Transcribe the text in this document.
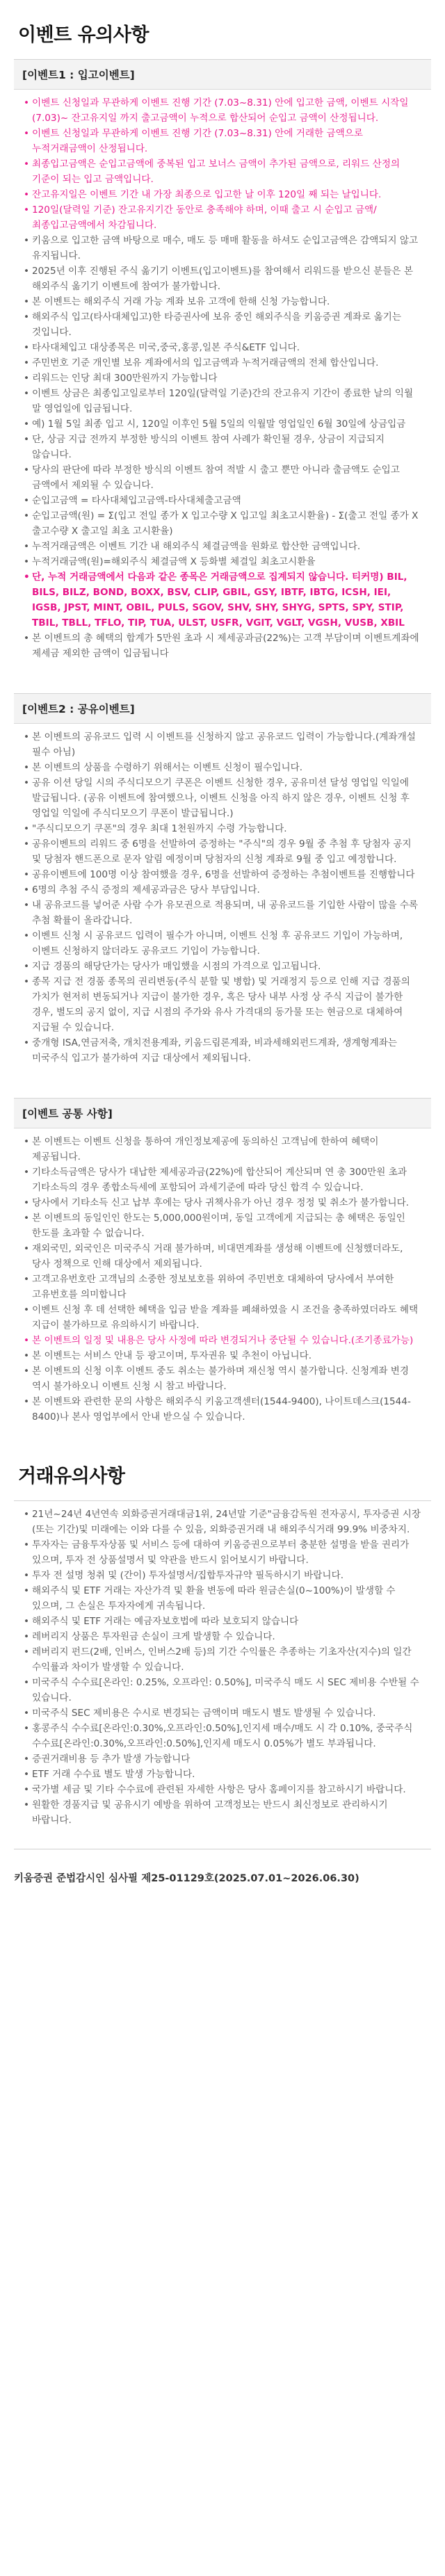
이벤트 유의사항
[이벤트1 : 입고이벤트]
• 이벤트 신청일과 무관하게 이벤트 진행 기간 (7.03~8.31) 안에 입고한 금액, 이벤트 시작일(7.03)~ 잔고유지일 까지 출고금액이 누적으로 합산되어 순입고 금액이 산정됩니다.
• 이벤트 신청일과 무관하게 이벤트 진행 기간 (7.03~8.31) 안에 거래한 금액으로 누적거래금액이 산정됩니다.
• 최종입고금액은 순입고금액에 중복된 입고 보너스 금액이 추가된 금액으로, 리워드 산정의 기준이 되는 입고 금액입니다.
• 잔고유지일은 이벤트 기간 내 가장 최종으로 입고한 날 이후 120일 째 되는 날입니다.
• 120일(달력일 기준) 잔고유지기간 동안로 충족해야 하며, 이때 출고 시 순입고 금액/최종입고금액에서 차감됩니다.
• 키움으로 입고한 금액 바탕으로 매수, 매도 등 매매 활동을 하셔도 순입고금액은 감액되지 않고 유지됩니다.
• 2025년 이후 진행된 주식 옮기기 이벤트(입고이벤트)를 참여해서 리워드를 받으신 분들은 본 해외주식 옮기기 이벤트에 참여가 불가합니다.
• 본 이벤트는 해외주식 거래 가능 계좌 보유 고객에 한해 신청 가능합니다.
• 해외주식 입고(타사대체입고)한 타증권사에 보유 중인 해외주식을 키움증권 계좌로 옮기는 것입니다.
• 타사대체입고 대상종목은 미국,중국,홍콩,일본 주식&ETF 입니다.
• 주민번호 기준 개인별 보유 계좌에서의 입고금액과 누적거래금액의 전체 합산입니다.
• 리워드는 인당 최대 300만원까지 가능합니다
• 이벤트 상금은 최종입고일로부터 120일(달력일 기준)간의 잔고유지 기간이 종료한 날의 익월 말 영업일에 입금됩니다.
• 예) 1월 5일 최종 입고 시, 120일 이후인 5월 5일의 익월말 영업일인 6월 30일에 상금입금
• 단, 상금 지급 전까지 부정한 방식의 이벤트 참여 사례가 확인될 경우, 상금이 지급되지 않습니다.
• 당사의 판단에 따라 부정한 방식의 이벤트 참여 적발 시 출고 뿐만 아니라 출금액도 순입고 금액에서 제외될 수 있습니다.
• 순입고금액 = 타사대체입고금액-타사대체출고금액
• 순입고금액(원) = Σ(입고 전일 종가 X 입고수량 X 입고일 최초고시환율) - Σ(출고 전일 종가 X 출고수량 X 출고일 최초 고시환율)
• 누적거래금액은 이벤트 기간 내 해외주식 체결금액을 원화로 합산한 금액입니다.
• 누적거래금액(원)=해외주식 체결금액 X 등화별 체결일 최초고시환율
• 단, 누적 거래금액에서 다음과 같은 종목은 거래금액으로 집계되지 않습니다. 티커명) BIL, BILS, BILZ, BOND, BOXX, BSV, CLIP, GBIL, GSY, IBTF, IBTG, ICSH, IEI, IGSB, JPST, MINT, OBIL, PULS, SGOV, SHV, SHY, SHYG, SPTS, SPY, STIP, TBIL, TBLL, TFLO, TIP, TUA, ULST, USFR, VGIT, VGLT, VGSH, VUSB, XBIL
• 본 이벤트의 총 혜택의 합계가 5만원 초과 시 제세공과금(22%)는 고객 부담이며 이벤트계좌에 제세금 제외한 금액이 입금됩니다
[이벤트2 : 공유이벤트]
• 본 이벤트의 공유코드 입력 시 이벤트를 신청하지 않고 공유코드 입력이 가능합니다.(계좌개설 필수 아님)
• 본 이벤트의 상품을 수령하기 위해서는 이벤트 신청이 필수입니다.
• 공유 이션 당일 시의 주식디모으기 쿠폰은 이벤트 신청한 경우, 공유미션 달성 영업일 익일에 발급됩니다. (공유 이벤트에 참여했으나, 이벤트 신청을 아직 하지 않은 경우, 이벤트 신청 후 영업일 익일에 주식디모으기 쿠폰이 발급됩니다.)
• "주식디모으기 쿠폰"의 경우 최대 1천원까지 수령 가능합니다.
• 공유이벤트의 리워드 중 6명을 선발하여 증정하는 "주식"의 경우 9월 중 추첨 후 당첨자 공지 및 당첨자 핸드폰으로 문자 알림 예정이며 당첨자의 신청 계좌로 9월 중 입고 예정합니다.
• 공유이벤트에 100명 이상 참여했을 경우, 6명을 선발하여 증정하는 추첨이벤트를 진행합니다
• 6명의 추첨 주식 증정의 제세공과금은 당사 부담입니다.
• 내 공유코드를 넣어준 사람 수가 유모권으로 적용되며, 내 공유코드를 기입한 사람이 많을 수록 추첨 확률이 올라갑니다.
• 이벤트 신청 시 공유코드 입력이 필수가 아니며, 이벤트 신청 후 공유코드 기입이 가능하며, 이벤트 신청하지 않더라도 공유코드 기입이 가능합니다.
• 지급 경품의 해당단가는 당사가 매입했을 시점의 가격으로 입고됩니다.
• 종목 지급 전 경품 종목의 권리변동(주식 분할 및 병합) 및 거래정지 등으로 인해 지급 경품의 가치가 현저히 변동되거나 지급이 불가한 경우, 혹은 당사 내부 사정 상 주식 지급이 불가한 경우, 별도의 공지 없이, 지급 시점의 주가와 유사 가격대의 동가물 또는 현금으로 대체하여 지급될 수 있습니다.
• 중개형 ISA,연금저축, 개치전용계좌, 키움드림론계좌, 비과세해외펀드계좌, 생계형계좌는 미국주식 입고가 불가하여 지급 대상에서 제외됩니다.
[이벤트 공통 사항]
• 본 이벤트는 이벤트 신청을 통하여 개인정보제공에 동의하신 고객님에 한하여 혜택이 제공됩니다.
• 기타소득금액은 당사가 대납한 제세공과금(22%)에 합산되어 계산되며 연 총 300만원 초과 기타소득의 경우 종합소득세에 포함되어 과세기준에 따라 당신 합격 수 있습니다.
• 당사에서 기타소득 신고 납부 후에는 당사 귀책사유가 아닌 경우 정정 및 취소가 불가합니다.
• 본 이벤트의 동일인인 한도는 5,000,000원이며, 동일 고객에게 지급되는 총 혜택은 동일인 한도를 초과할 수 없습니다.
• 재외국민, 외국인은 미국주식 거래 불가하며, 비대면계좌를 생성해 이벤트에 신청했더라도, 당사 정책으로 인해 대상에서 제외됩니다.
• 고객고유번호란 고객님의 소중한 정보보호를 위하여 주민번호 대체하여 당사에서 부여한 고유번호를 의미합니다
• 이벤트 신청 후 데 선택한 혜택을 입금 받을 계좌를 폐쇄하였을 시 조건을 충족하였더라도 혜택 지급이 불가하므로 유의하시기 바랍니다.
• 본 이벤트의 일정 및 내용은 당사 사정에 따라 변경되거나 중단될 수 있습니다.(조기종료가능)
• 본 이벤트는 서비스 안내 등 광고이며, 투자권유 및 추천이 아닙니다.
• 본 이벤트의 신청 이후 이벤트 중도 취소는 불가하며 재신청 역시 불가합니다. 신청계좌 변경 역시 불가하오니 이벤트 신청 시 참고 바랍니다.
• 본 이벤트와 관련한 문의 사항은 해외주식 키움고객센터(1544-9400), 나이트데스크(1544-8400)나 본사 영업부에서 안내 받으실 수 있습니다.
거래유의사항
• 21년~24년 4년연속 외화증권거래대금1위, 24년말 기준"금융감독원 전자공시, 투자증권 시장(또는 기간)및 미래에는 이와 다를 수 있음, 외화증권거래 내 해외주식거래 99.9% 비중차지.
• 투자자는 금융투자상품 및 서비스 등에 대하여 키움증권으로부터 충분한 설명을 받을 권리가 있으며, 투자 전 상품설명서 및 약관을 반드시 읽어보시기 바랍니다.
• 투자 전 설명 청취 및 (간이) 투자설명서/집합투자규약 필독하시기 바랍니다.
• 해외주식 및 ETF 거래는 자산가격 및 환율 변동에 따라 원금손실(0~100%)이 발생할 수 있으며, 그 손실은 투자자에게 귀속됩니다.
• 해외주식 및 ETF 거래는 예금자보호법에 따라 보호되지 않습니다
• 레버리지 상품은 투자원금 손실이 크게 발생할 수 있습니다.
• 레버리지 펀드(2배, 인버스, 인버스2배 등)의 기간 수익률은 추종하는 기초자산(지수)의 일간 수익률과 차이가 발생할 수 있습니다.
• 미국주식 수수료[온라인: 0.25%, 오프라인: 0.50%], 미국주식 매도 시 SEC 제비용 수반될 수 있습니다.
• 미국주식 SEC 제비용은 수시로 변경되는 금액이며 매도시 별도 발생될 수 있습니다.
• 홍콩주식 수수료[온라인:0.30%,오프라인:0.50%],인지세 매수/매도 시 각 0.10%, 중국주식 수수료[온라인:0.30%,오프라인:0.50%],인지세 매도시 0.05%가 별도 부과됩니다.
• 증권거래비용 등 추가 발생 가능합니다
• ETF 거래 수수료 별도 발생 가능합니다.
• 국가별 세금 및 기타 수수료에 관련된 자세한 사항은 당사 홈페이지를 참고하시기 바랍니다.
• 원활한 경품지급 및 공유시기 예방을 위하여 고객정보는 반드시 최신정보로 관리하시기 바랍니다.
키움증권 준법감시인 심사필 제25-01129호(2025.07.01~2026.06.30)
